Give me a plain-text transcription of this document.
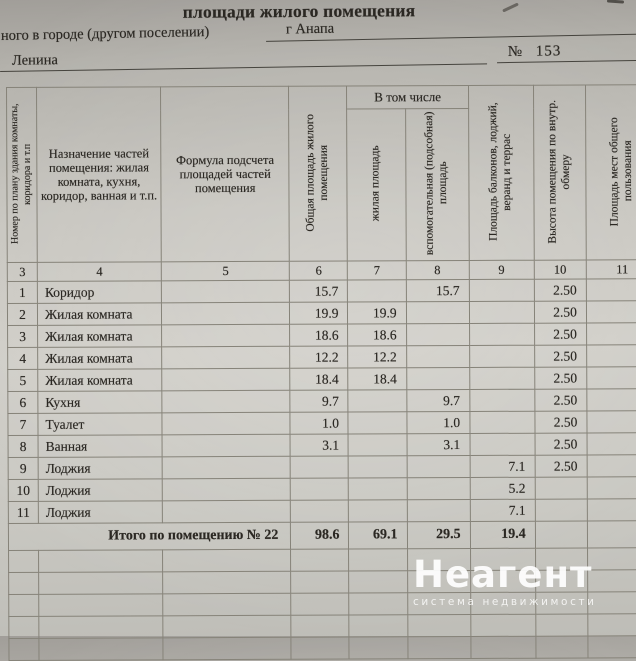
площади жилого помещения
ного в городе (другом поселении)	г Анапа
Ленина
№ 153
Номер по плану здания комнаты, коридора и т.п	Назначение частей помещения: жилая комната, кухня, коридор, ванная и т.п.	Формула подсчета площадей частей помещения	Общая площадь жилого помещения	В том числе		Площадь балконов, лоджий, веранд и террас	Высота помещения по внутр. обмеру	Площадь мест общего пользования
				жилая площадь	вспомогательная (подсобная) площадь			
3	4	5	6	7	8	9	10	11
1	Коридор		15.7		15.7		2.50	
2	Жилая комната		19.9	19.9			2.50	
3	Жилая комната		18.6	18.6			2.50	
4	Жилая комната		12.2	12.2			2.50	
5	Жилая комната		18.4	18.4			2.50	
6	Кухня		9.7		9.7		2.50	
7	Туалет		1.0		1.0		2.50	
8	Ванная		3.1		3.1		2.50	
9	Лоджия					7.1	2.50	
10	Лоджия					5.2		
11	Лоджия					7.1		
Итого по помещению № 22			98.6	69.1	29.5	19.4		

Неагент
система недвижимости
